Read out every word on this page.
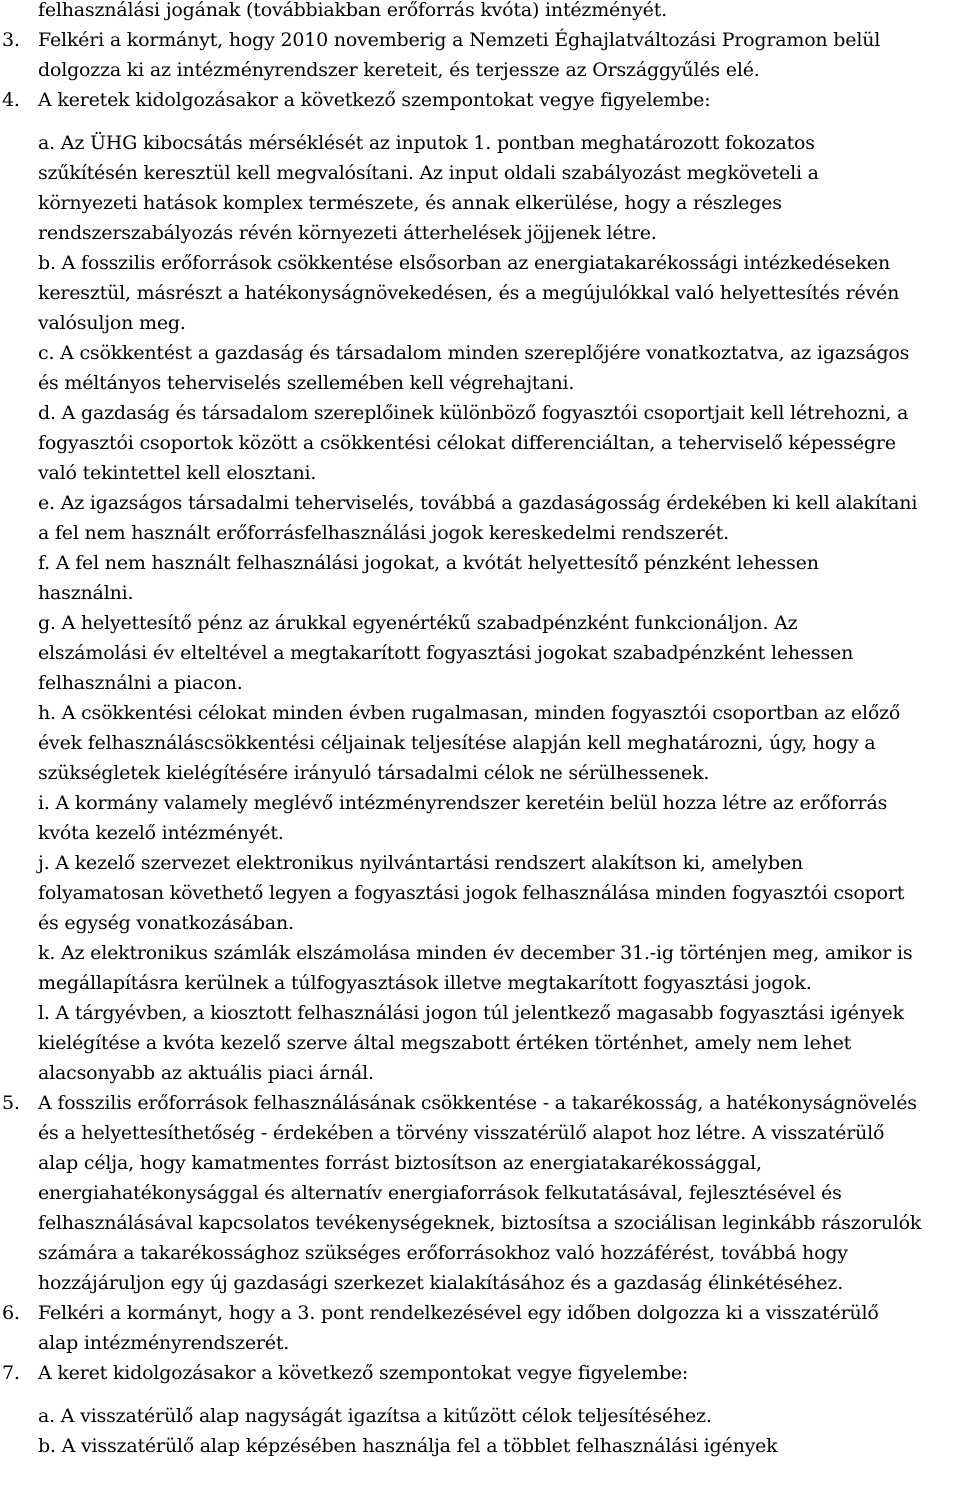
felhasználási jogának (továbbiakban erőforrás kvóta) intézményét.
3. Felkéri a kormányt, hogy 2010 novemberig a Nemzeti Éghajlatváltozási Programon belül
dolgozza ki az intézményrendszer kereteit, és terjessze az Országgyűlés elé.
4. A keretek kidolgozásakor a következő szempontokat vegye figyelembe:
a. Az ÜHG kibocsátás mérséklését az inputok 1. pontban meghatározott fokozatos
szűkítésén keresztül kell megvalósítani. Az input oldali szabályozást megköveteli a
környezeti hatások komplex természete, és annak elkerülése, hogy a részleges
rendszerszabályozás révén környezeti átterhelések jöjjenek létre.
b. A fosszilis erőforrások csökkentése elsősorban az energiatakarékossági intézkedéseken
keresztül, másrészt a hatékonyságnövekedésen, és a megújulókkal való helyettesítés révén
valósuljon meg.
c. A csökkentést a gazdaság és társadalom minden szereplőjére vonatkoztatva, az igazságos
és méltányos teherviselés szellemében kell végrehajtani.
d. A gazdaság és társadalom szereplőinek különböző fogyasztói csoportjait kell létrehozni, a
fogyasztói csoportok között a csökkentési célokat differenciáltan, a teherviselő képességre
való tekintettel kell elosztani.
e. Az igazságos társadalmi teherviselés, továbbá a gazdaságosság érdekében ki kell alakítani
a fel nem használt erőforrásfelhasználási jogok kereskedelmi rendszerét.
f. A fel nem használt felhasználási jogokat, a kvótát helyettesítő pénzként lehessen
használni.
g. A helyettesítő pénz az árukkal egyenértékű szabadpénzként funkcionáljon. Az
elszámolási év elteltével a megtakarított fogyasztási jogokat szabadpénzként lehessen
felhasználni a piacon.
h. A csökkentési célokat minden évben rugalmasan, minden fogyasztói csoportban az előző
évek felhasználáscsökkentési céljainak teljesítése alapján kell meghatározni, úgy, hogy a
szükségletek kielégítésére irányuló társadalmi célok ne sérülhessenek.
i. A kormány valamely meglévő intézményrendszer keretéin belül hozza létre az erőforrás
kvóta kezelő intézményét.
j. A kezelő szervezet elektronikus nyilvántartási rendszert alakítson ki, amelyben
folyamatosan követhető legyen a fogyasztási jogok felhasználása minden fogyasztói csoport
és egység vonatkozásában.
k. Az elektronikus számlák elszámolása minden év december 31.-ig történjen meg, amikor is
megállapításra kerülnek a túlfogyasztások illetve megtakarított fogyasztási jogok.
l. A tárgyévben, a kiosztott felhasználási jogon túl jelentkező magasabb fogyasztási igények
kielégítése a kvóta kezelő szerve által megszabott értéken történhet, amely nem lehet
alacsonyabb az aktuális piaci árnál.
5. A fosszilis erőforrások felhasználásának csökkentése - a takarékosság, a hatékonyságnövelés
és a helyettesíthetőség - érdekében a törvény visszatérülő alapot hoz létre. A visszatérülő
alap célja, hogy kamatmentes forrást biztosítson az energiatakarékossággal,
energiahatékonysággal és alternatív energiaforrások felkutatásával, fejlesztésével és
felhasználásával kapcsolatos tevékenységeknek, biztosítsa a szociálisan leginkább rászorulók
számára a takarékossághoz szükséges erőforrásokhoz való hozzáférést, továbbá hogy
hozzájáruljon egy új gazdasági szerkezet kialakításához és a gazdaság élinkétéséhez.
6. Felkéri a kormányt, hogy a 3. pont rendelkezésével egy időben dolgozza ki a visszatérülő
alap intézményrendszerét.
7. A keret kidolgozásakor a következő szempontokat vegye figyelembe:
a. A visszatérülő alap nagyságát igazítsa a kitűzött célok teljesítéséhez.
b. A visszatérülő alap képzésében használja fel a többlet felhasználási igények
